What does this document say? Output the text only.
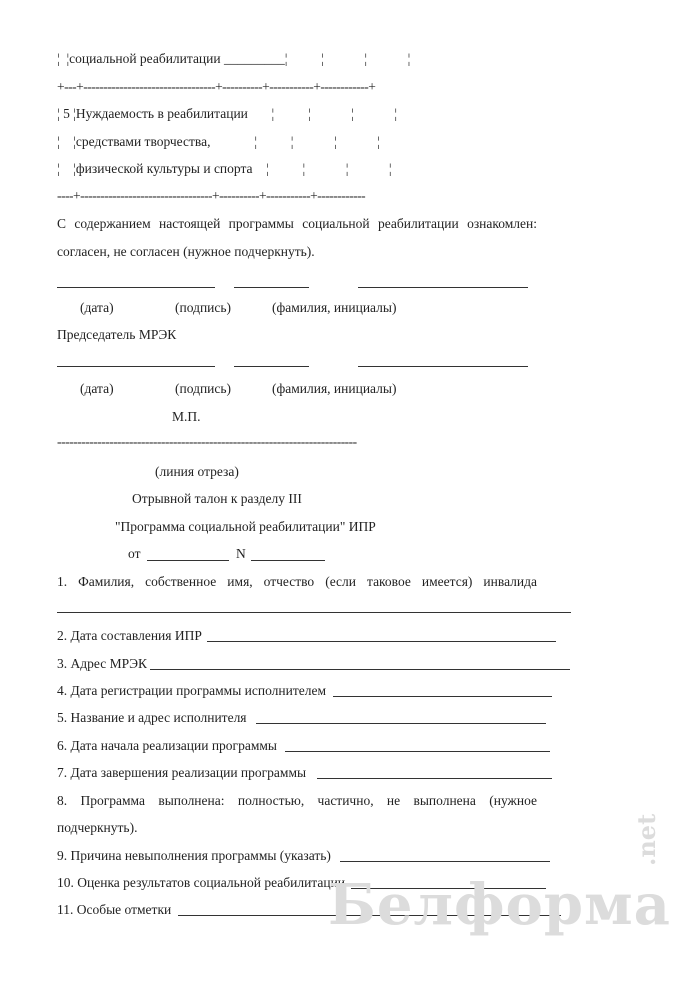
¦  ¦социальной реабилитации _________¦          ¦            ¦            ¦
+---+---------------------------------+----------+-----------+------------+
¦ 5 ¦Нуждаемость в реабилитации       ¦          ¦            ¦            ¦
¦    ¦средствами творчества,             ¦          ¦            ¦            ¦
¦    ¦физической культуры и спорта    ¦          ¦            ¦            ¦
----+---------------------------------+----------+-----------+------------
С содержанием настоящей программы социальной реабилитации ознакомлен:
согласен, не согласен (нужное подчеркнуть).
(дата)	(подпись)	(фамилия, инициалы)
Председатель МРЭК
(дата)	(подпись)	(фамилия, инициалы)
М.П.
---------------------------------------------------------------------------
(линия отреза)
Отрывной талон к разделу III
"Программа социальной реабилитации" ИПР
от	N
1. Фамилия, собственное имя, отчество (если таковое имеется) инвалида
2. Дата составления ИПР
3. Адрес МРЭК
4. Дата регистрации программы исполнителем
5. Название и адрес исполнителя
6. Дата начала реализации программы
7. Дата завершения реализации программы
8. Программа выполнена: полностью, частично, не выполнена (нужное
подчеркнуть).
9. Причина невыполнения программы (указать)
10. Оценка результатов социальной реабилитации
11. Особые отметки	Белформа
.net
